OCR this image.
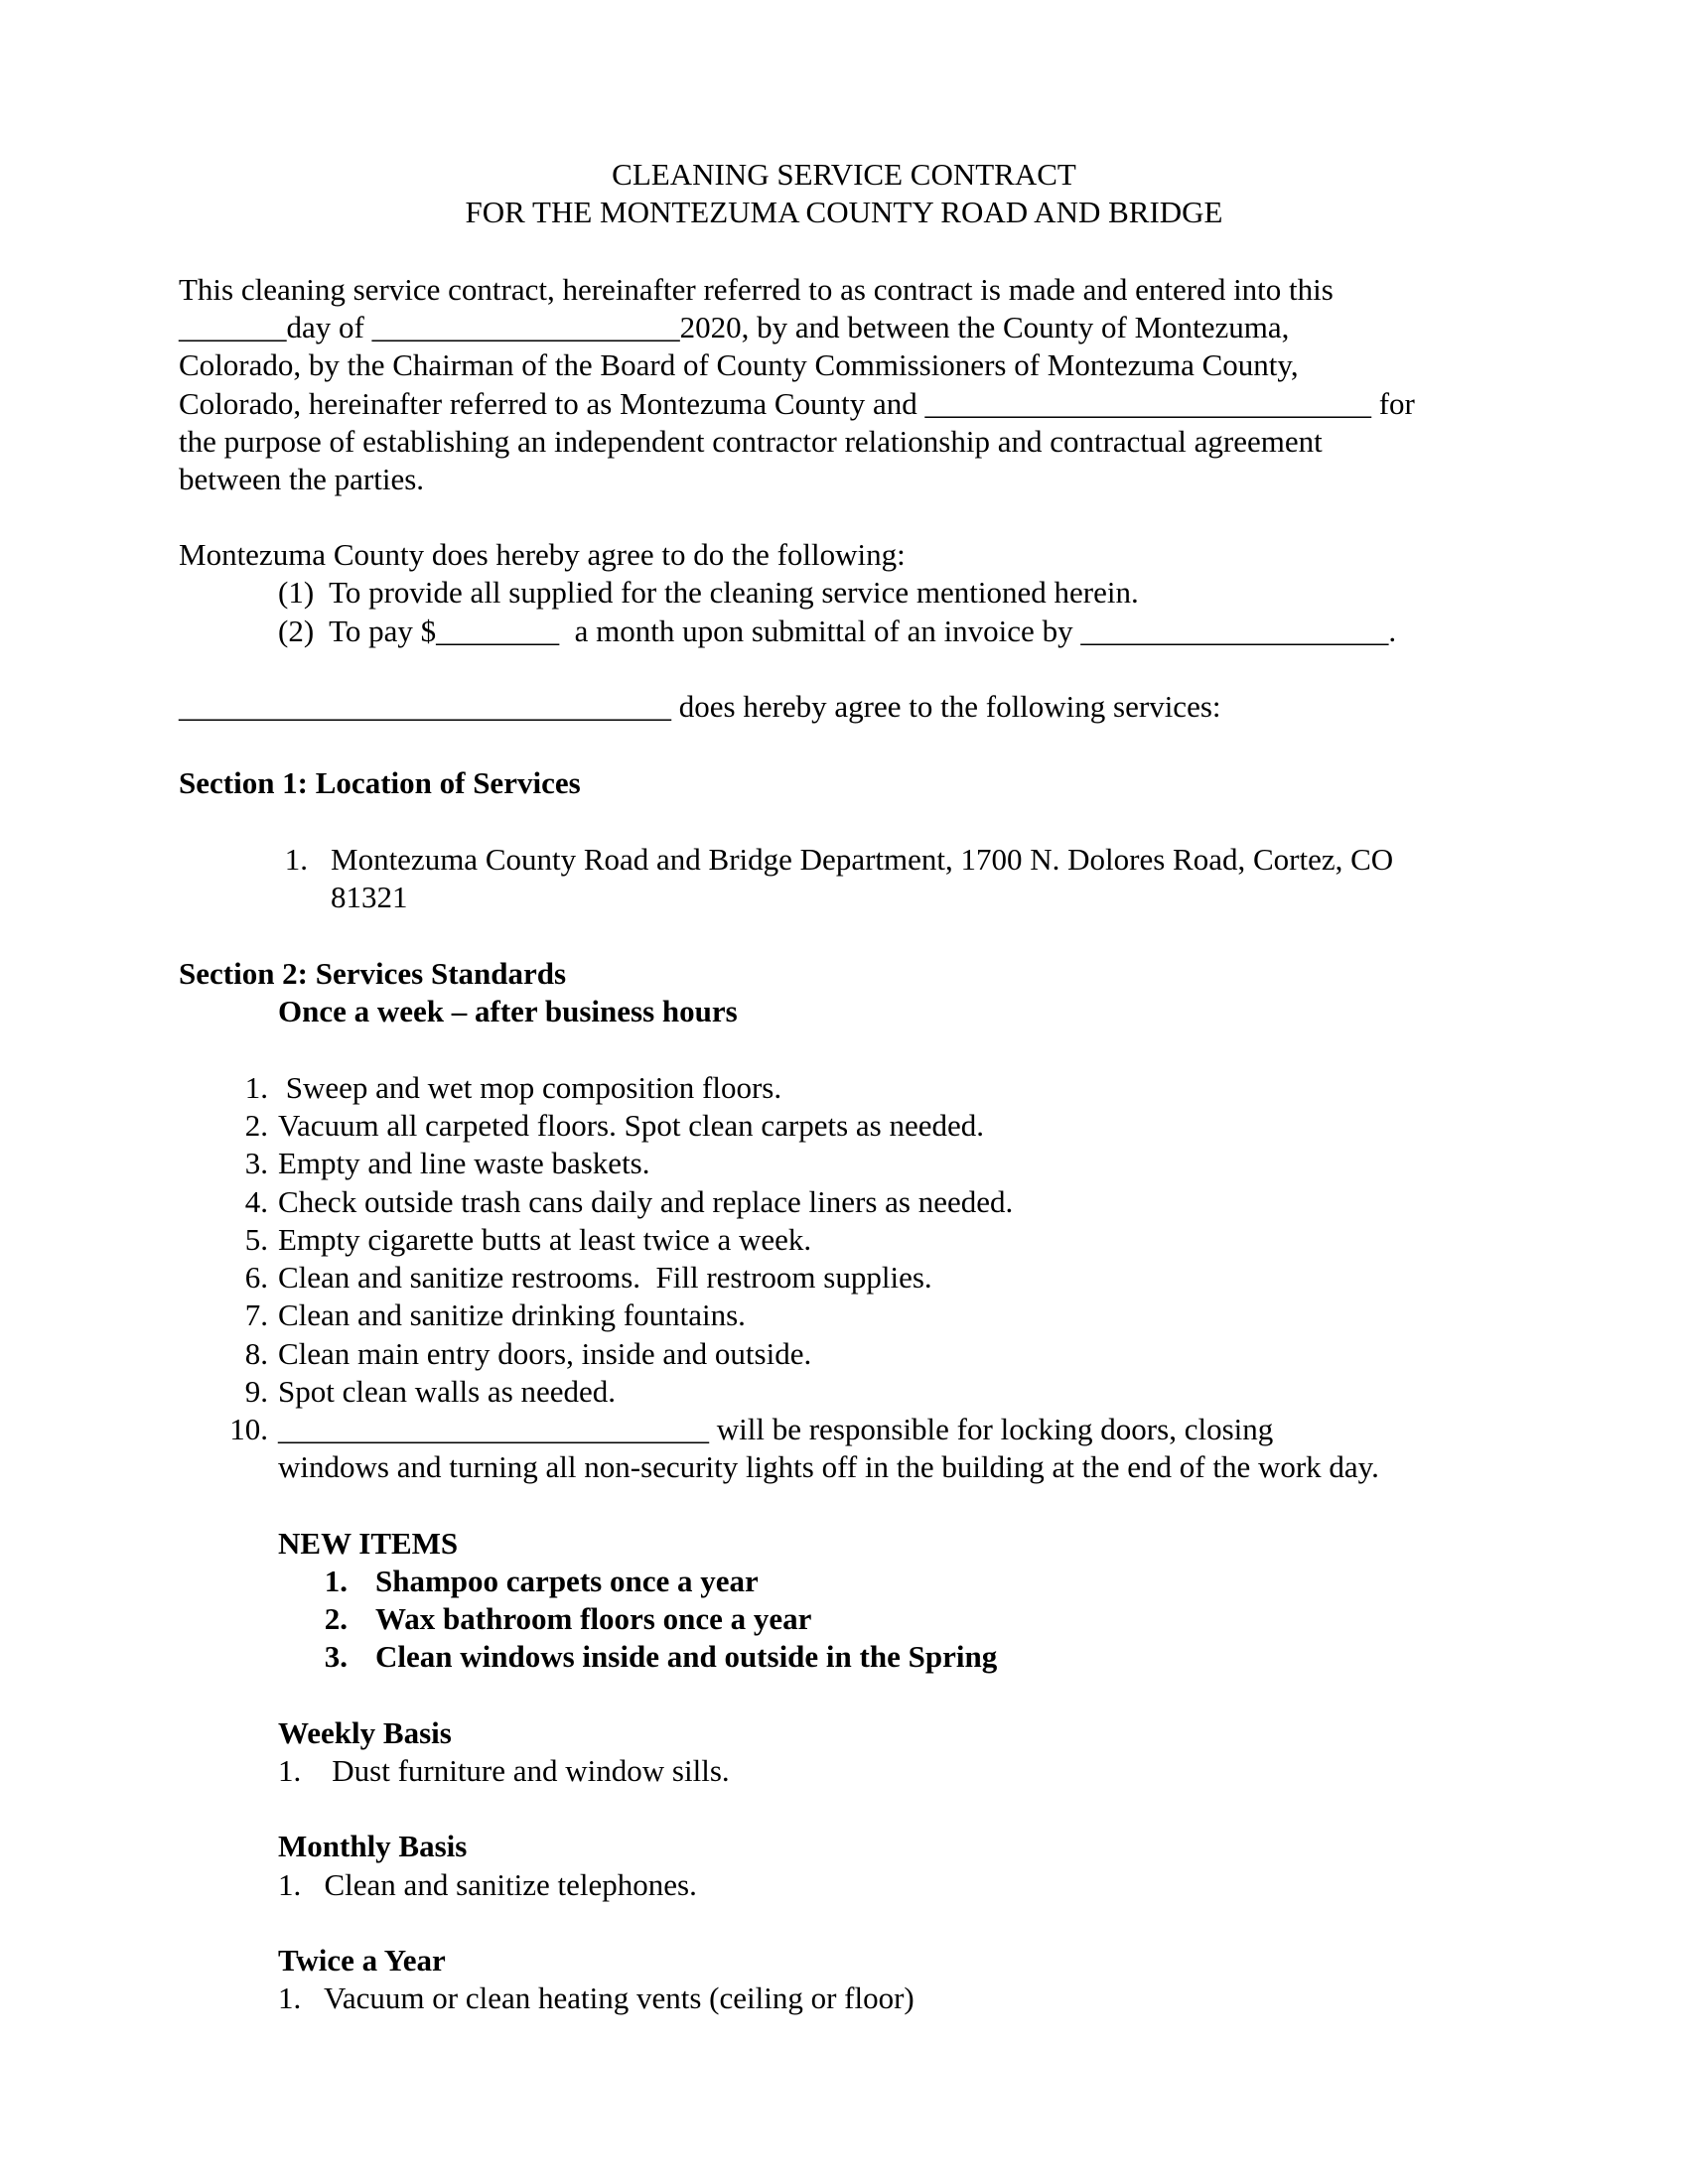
CLEANING SERVICE CONTRACT
FOR THE MONTEZUMA COUNTY ROAD AND BRIDGE
This cleaning service contract, hereinafter referred to as contract is made and entered into this
_______day of ____________________2020, by and between the County of Montezuma,
Colorado, by the Chairman of the Board of County Commissioners of Montezuma County,
Colorado, hereinafter referred to as Montezuma County and _____________________________ for
the purpose of establishing an independent contractor relationship and contractual agreement
between the parties.
Montezuma County does hereby agree to do the following:
(1)  To provide all supplied for the cleaning service mentioned herein.
(2)  To pay $________  a month upon submittal of an invoice by ____________________.
________________________________ does hereby agree to the following services:
Section 1: Location of Services
1. Montezuma County Road and Bridge Department, 1700 N. Dolores Road, Cortez, CO
81321
Section 2: Services Standards
Once a week – after business hours
1. Sweep and wet mop composition floors.
2. Vacuum all carpeted floors. Spot clean carpets as needed.
3. Empty and line waste baskets.
4. Check outside trash cans daily and replace liners as needed.
5. Empty cigarette butts at least twice a week.
6. Clean and sanitize restrooms.  Fill restroom supplies.
7. Clean and sanitize drinking fountains.
8. Clean main entry doors, inside and outside.
9. Spot clean walls as needed.
10. ____________________________ will be responsible for locking doors, closing
windows and turning all non-security lights off in the building at the end of the work day.
NEW ITEMS
1. Shampoo carpets once a year
2. Wax bathroom floors once a year
3. Clean windows inside and outside in the Spring
Weekly Basis
1.    Dust furniture and window sills.
Monthly Basis
1.   Clean and sanitize telephones.
Twice a Year
1.   Vacuum or clean heating vents (ceiling or floor)
